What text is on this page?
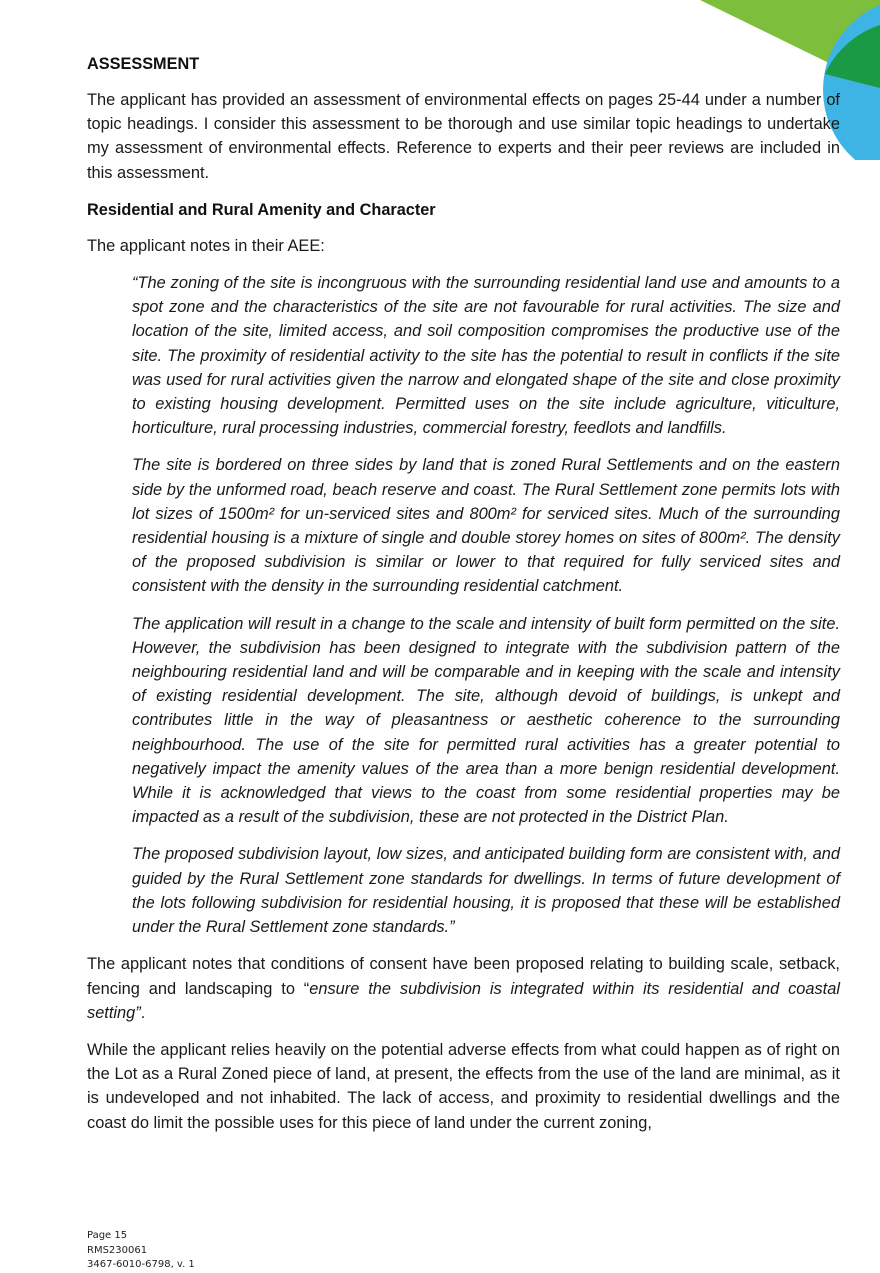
ASSESSMENT

The applicant has provided an assessment of environmental effects on pages 25-44 under a number of topic headings. I consider this assessment to be thorough and use similar topic headings to undertake my assessment of environmental effects. Reference to experts and their peer reviews are included in this assessment.

Residential and Rural Amenity and Character

The applicant notes in their AEE:

“The zoning of the site is incongruous with the surrounding residential land use and amounts to a spot zone and the characteristics of the site are not favourable for rural activities. The size and location of the site, limited access, and soil composition compromises the productive use of the site. The proximity of residential activity to the site has the potential to result in conflicts if the site was used for rural activities given the narrow and elongated shape of the site and close proximity to existing housing development. Permitted uses on the site include agriculture, viticulture, horticulture, rural processing industries, commercial forestry, feedlots and landfills.

The site is bordered on three sides by land that is zoned Rural Settlements and on the eastern side by the unformed road, beach reserve and coast. The Rural Settlement zone permits lots with lot sizes of 1500m² for un-serviced sites and 800m² for serviced sites. Much of the surrounding residential housing is a mixture of single and double storey homes on sites of 800m². The density of the proposed subdivision is similar or lower to that required for fully serviced sites and consistent with the density in the surrounding residential catchment.

The application will result in a change to the scale and intensity of built form permitted on the site. However, the subdivision has been designed to integrate with the subdivision pattern of the neighbouring residential land and will be comparable and in keeping with the scale and intensity of existing residential development. The site, although devoid of buildings, is unkept and contributes little in the way of pleasantness or aesthetic coherence to the surrounding neighbourhood. The use of the site for permitted rural activities has a greater potential to negatively impact the amenity values of the area than a more benign residential development. While it is acknowledged that views to the coast from some residential properties may be impacted as a result of the subdivision, these are not protected in the District Plan.

The proposed subdivision layout, low sizes, and anticipated building form are consistent with, and guided by the Rural Settlement zone standards for dwellings. In terms of future development of the lots following subdivision for residential housing, it is proposed that these will be established under the Rural Settlement zone standards.”

The applicant notes that conditions of consent have been proposed relating to building scale, setback, fencing and landscaping to “ensure the subdivision is integrated within its residential and coastal setting”.

While the applicant relies heavily on the potential adverse effects from what could happen as of right on the Lot as a Rural Zoned piece of land, at present, the effects from the use of the land are minimal, as it is undeveloped and not inhabited. The lack of access, and proximity to residential dwellings and the coast do limit the possible uses for this piece of land under the current zoning,

Page 15
RMS230061
3467-6010-6798, v. 1
